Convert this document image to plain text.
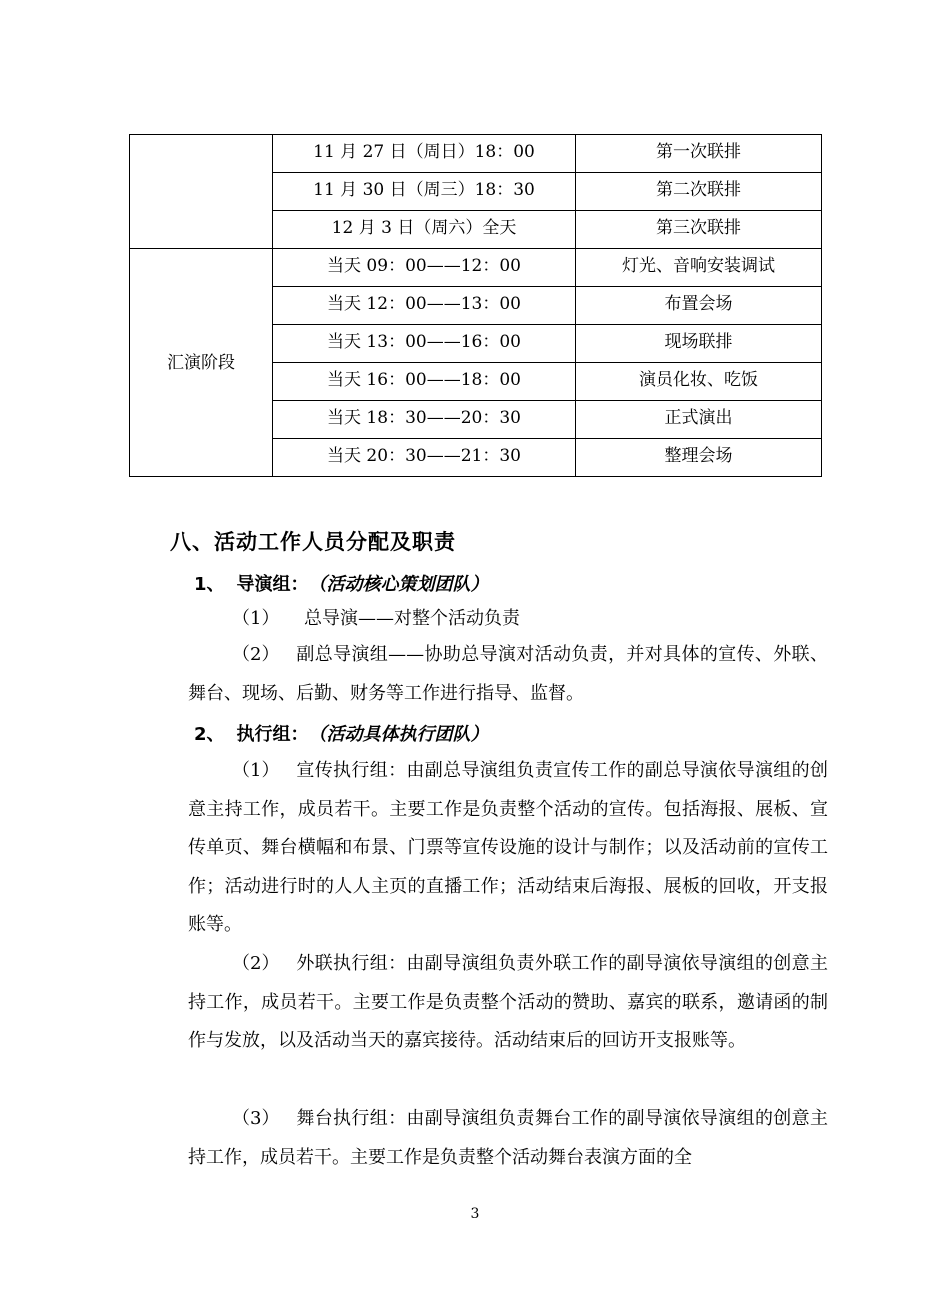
	11 月 27 日（周日）18：00	第一次联排
	11 月 30 日（周三）18：30	第二次联排
	12 月 3 日（周六）全天	第三次联排
汇演阶段	当天 09：00——12：00	灯光、音响安装调试
	当天 12：00——13：00	布置会场
	当天 13：00——16：00	现场联排
	当天 16：00——18：00	演员化妆、吃饭
	当天 18：30——20：30	正式演出
	当天 20：30——21：30	整理会场
八、活动工作人员分配及职责
1、 导演组：（活动核心策划团队）
（1） 总导演——对整个活动负责
（2） 副总导演组——协助总导演对活动负责，并对具体的宣传、外联、舞台、现场、后勤、财务等工作进行指导、监督。
2、 执行组：（活动具体执行团队）
（1） 宣传执行组：由副总导演组负责宣传工作的副总导演依导演组的创意主持工作，成员若干。主要工作是负责整个活动的宣传。包括海报、展板、宣传单页、舞台横幅和布景、门票等宣传设施的设计与制作；以及活动前的宣传工作；活动进行时的人人主页的直播工作；活动结束后海报、展板的回收，开支报账等。
（2） 外联执行组：由副导演组负责外联工作的副导演依导演组的创意主持工作，成员若干。主要工作是负责整个活动的赞助、嘉宾的联系，邀请函的制作与发放，以及活动当天的嘉宾接待。活动结束后的回访开支报账等。
（3） 舞台执行组：由副导演组负责舞台工作的副导演依导演组的创意主持工作，成员若干。主要工作是负责整个活动舞台表演方面的全
3
